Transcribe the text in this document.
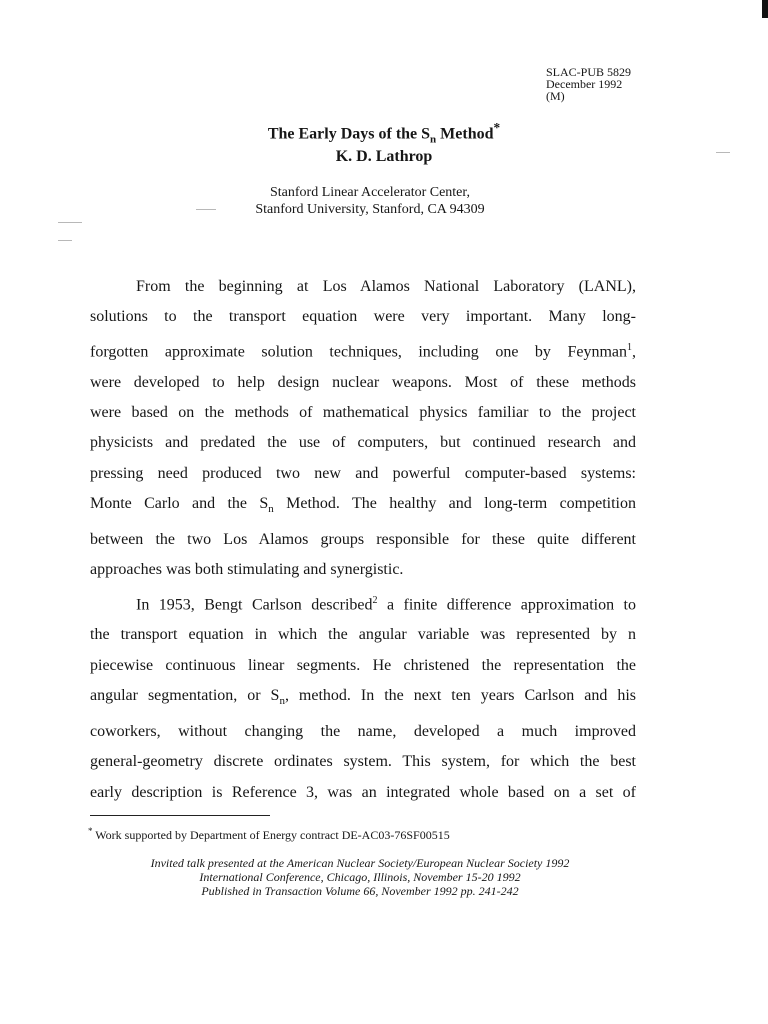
SLAC-PUB 5829
December 1992
(M)
The Early Days of the $S_n$ Method*
K. D. Lathrop
Stanford Linear Accelerator Center,
Stanford University, Stanford, CA 94309
From the beginning at Los Alamos National Laboratory (LANL),
solutions to the transport equation were very important. Many long-
forgotten approximate solution techniques, including one by Feynman$^1$,
were developed to help design nuclear weapons. Most of these methods
were based on the methods of mathematical physics familiar to the project
physicists and predated the use of computers, but continued research and
pressing need produced two new and powerful computer-based systems:
Monte Carlo and the $S_n$ Method. The healthy and long-term competition
between the two Los Alamos groups responsible for these quite different
approaches was both stimulating and synergistic.
In 1953, Bengt Carlson described$^2$ a finite difference approximation to
the transport equation in which the angular variable was represented by n
piecewise continuous linear segments. He christened the representation the
angular segmentation, or $S_n$, method. In the next ten years Carlson and his
coworkers, without changing the name, developed a much improved
general-geometry discrete ordinates system. This system, for which the best
early description is Reference 3, was an integrated whole based on a set of
* Work supported by Department of Energy contract DE-AC03-76SF00515
Invited talk presented at the American Nuclear Society/European Nuclear Society 1992
International Conference, Chicago, Illinois, November 15-20 1992
Published in Transaction Volume 66, November 1992 pp. 241-242
